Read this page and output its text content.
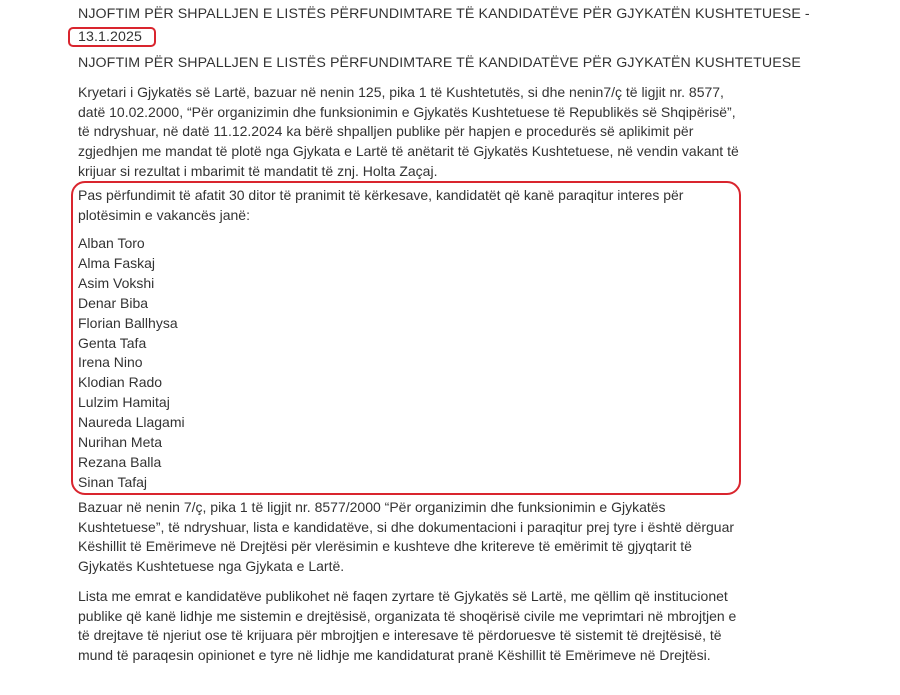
NJOFTIM PËR SHPALLJEN E LISTËS PËRFUNDIMTARE TË KANDIDATËVE PËR GJYKATËN KUSHTETUESE -
13.1.2025
NJOFTIM PËR SHPALLJEN E LISTËS PËRFUNDIMTARE TË KANDIDATËVE PËR GJYKATËN KUSHTETUESE
Kryetari i Gjykatës së Lartë, bazuar në nenin 125, pika 1 të Kushtetutës, si dhe nenin7/ç të ligjit nr. 8577, datë 10.02.2000, “Për organizimin dhe funksionimin e Gjykatës Kushtetuese të Republikës së Shqipërisë”, të ndryshuar, në datë 11.12.2024 ka bërë shpalljen publike për hapjen e procedurës së aplikimit për zgjedhjen me mandat të plotë nga Gjykata e Lartë të anëtarit të Gjykatës Kushtetuese, në vendin vakant të krijuar si rezultat i mbarimit të mandatit të znj. Holta Zaçaj.
Pas përfundimit të afatit 30 ditor të pranimit të kërkesave, kandidatët që kanë paraqitur interes për plotësimin e vakancës janë:
Alban Toro
Alma Faskaj
Asim Vokshi
Denar Biba
Florian Ballhysa
Genta Tafa
Irena Nino
Klodian Rado
Lulzim Hamitaj
Naureda Llagami
Nurihan Meta
Rezana Balla
Sinan Tafaj
Bazuar në nenin 7/ç, pika 1 të ligjit nr. 8577/2000 “Për organizimin dhe funksionimin e Gjykatës Kushtetuese”, të ndryshuar, lista e kandidatëve, si dhe dokumentacioni i paraqitur prej tyre i është dërguar Këshillit të Emërimeve në Drejtësi për vlerësimin e kushteve dhe kritereve të emërimit të gjyqtarit të Gjykatës Kushtetuese nga Gjykata e Lartë.
Lista me emrat e kandidatëve publikohet në faqen zyrtare të Gjykatës së Lartë, me qëllim që institucionet publike që kanë lidhje me sistemin e drejtësisë, organizata të shoqërisë civile me veprimtari në mbrojtjen e të drejtave të njeriut ose të krijuara për mbrojtjen e interesave të përdoruesve të sistemit të drejtësisë, të mund të paraqesin opinionet e tyre në lidhje me kandidaturat pranë Këshillit të Emërimeve në Drejtësi.
